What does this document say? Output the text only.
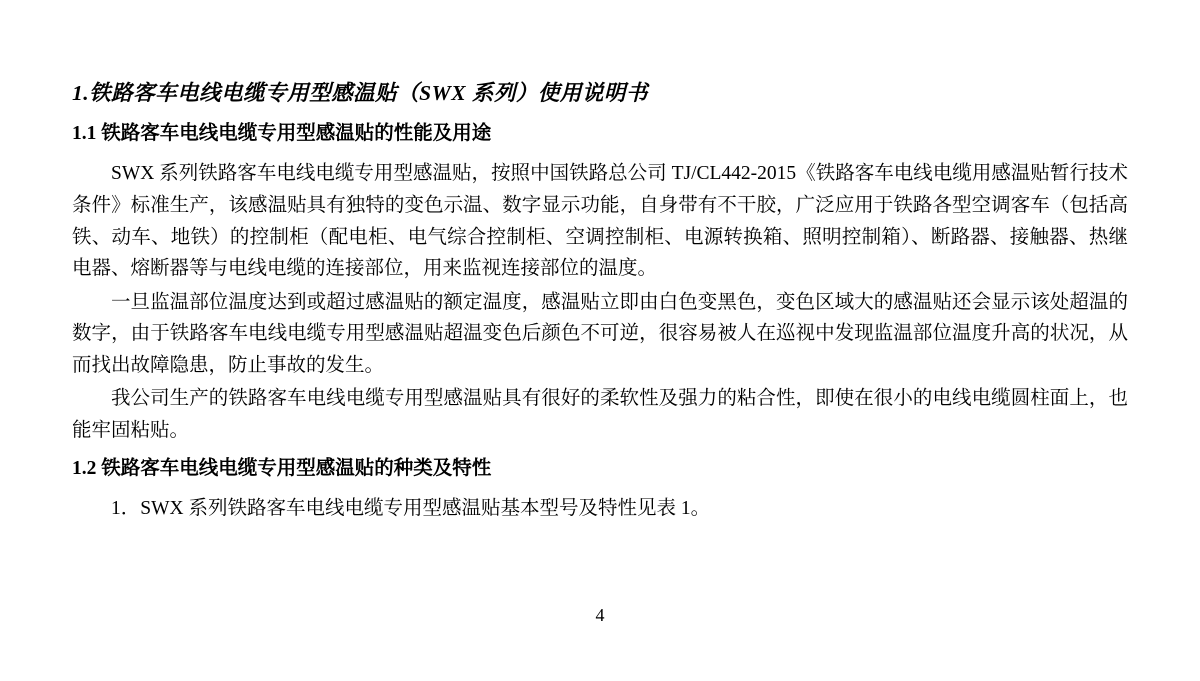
1.铁路客车电线电缆专用型感温贴（SWX 系列）使用说明书
1.1 铁路客车电线电缆专用型感温贴的性能及用途
SWX 系列铁路客车电线电缆专用型感温贴，按照中国铁路总公司 TJ/CL442-2015《铁路客车电线电缆用感温贴暂行技术条件》标准生产，该感温贴具有独特的变色示温、数字显示功能，自身带有不干胶，广泛应用于铁路各型空调客车（包括高铁、动车、地铁）的控制柜（配电柜、电气综合控制柜、空调控制柜、电源转换箱、照明控制箱）、断路器、接触器、热继电器、熔断器等与电线电缆的连接部位，用来监视连接部位的温度。
一旦监温部位温度达到或超过感温贴的额定温度，感温贴立即由白色变黑色，变色区域大的感温贴还会显示该处超温的数字，由于铁路客车电线电缆专用型感温贴超温变色后颜色不可逆，很容易被人在巡视中发现监温部位温度升高的状况，从而找出故障隐患，防止事故的发生。
我公司生产的铁路客车电线电缆专用型感温贴具有很好的柔软性及强力的粘合性，即使在很小的电线电缆圆柱面上，也能牢固粘贴。
1.2 铁路客车电线电缆专用型感温贴的种类及特性
1．SWX 系列铁路客车电线电缆专用型感温贴基本型号及特性见表 1。
4
